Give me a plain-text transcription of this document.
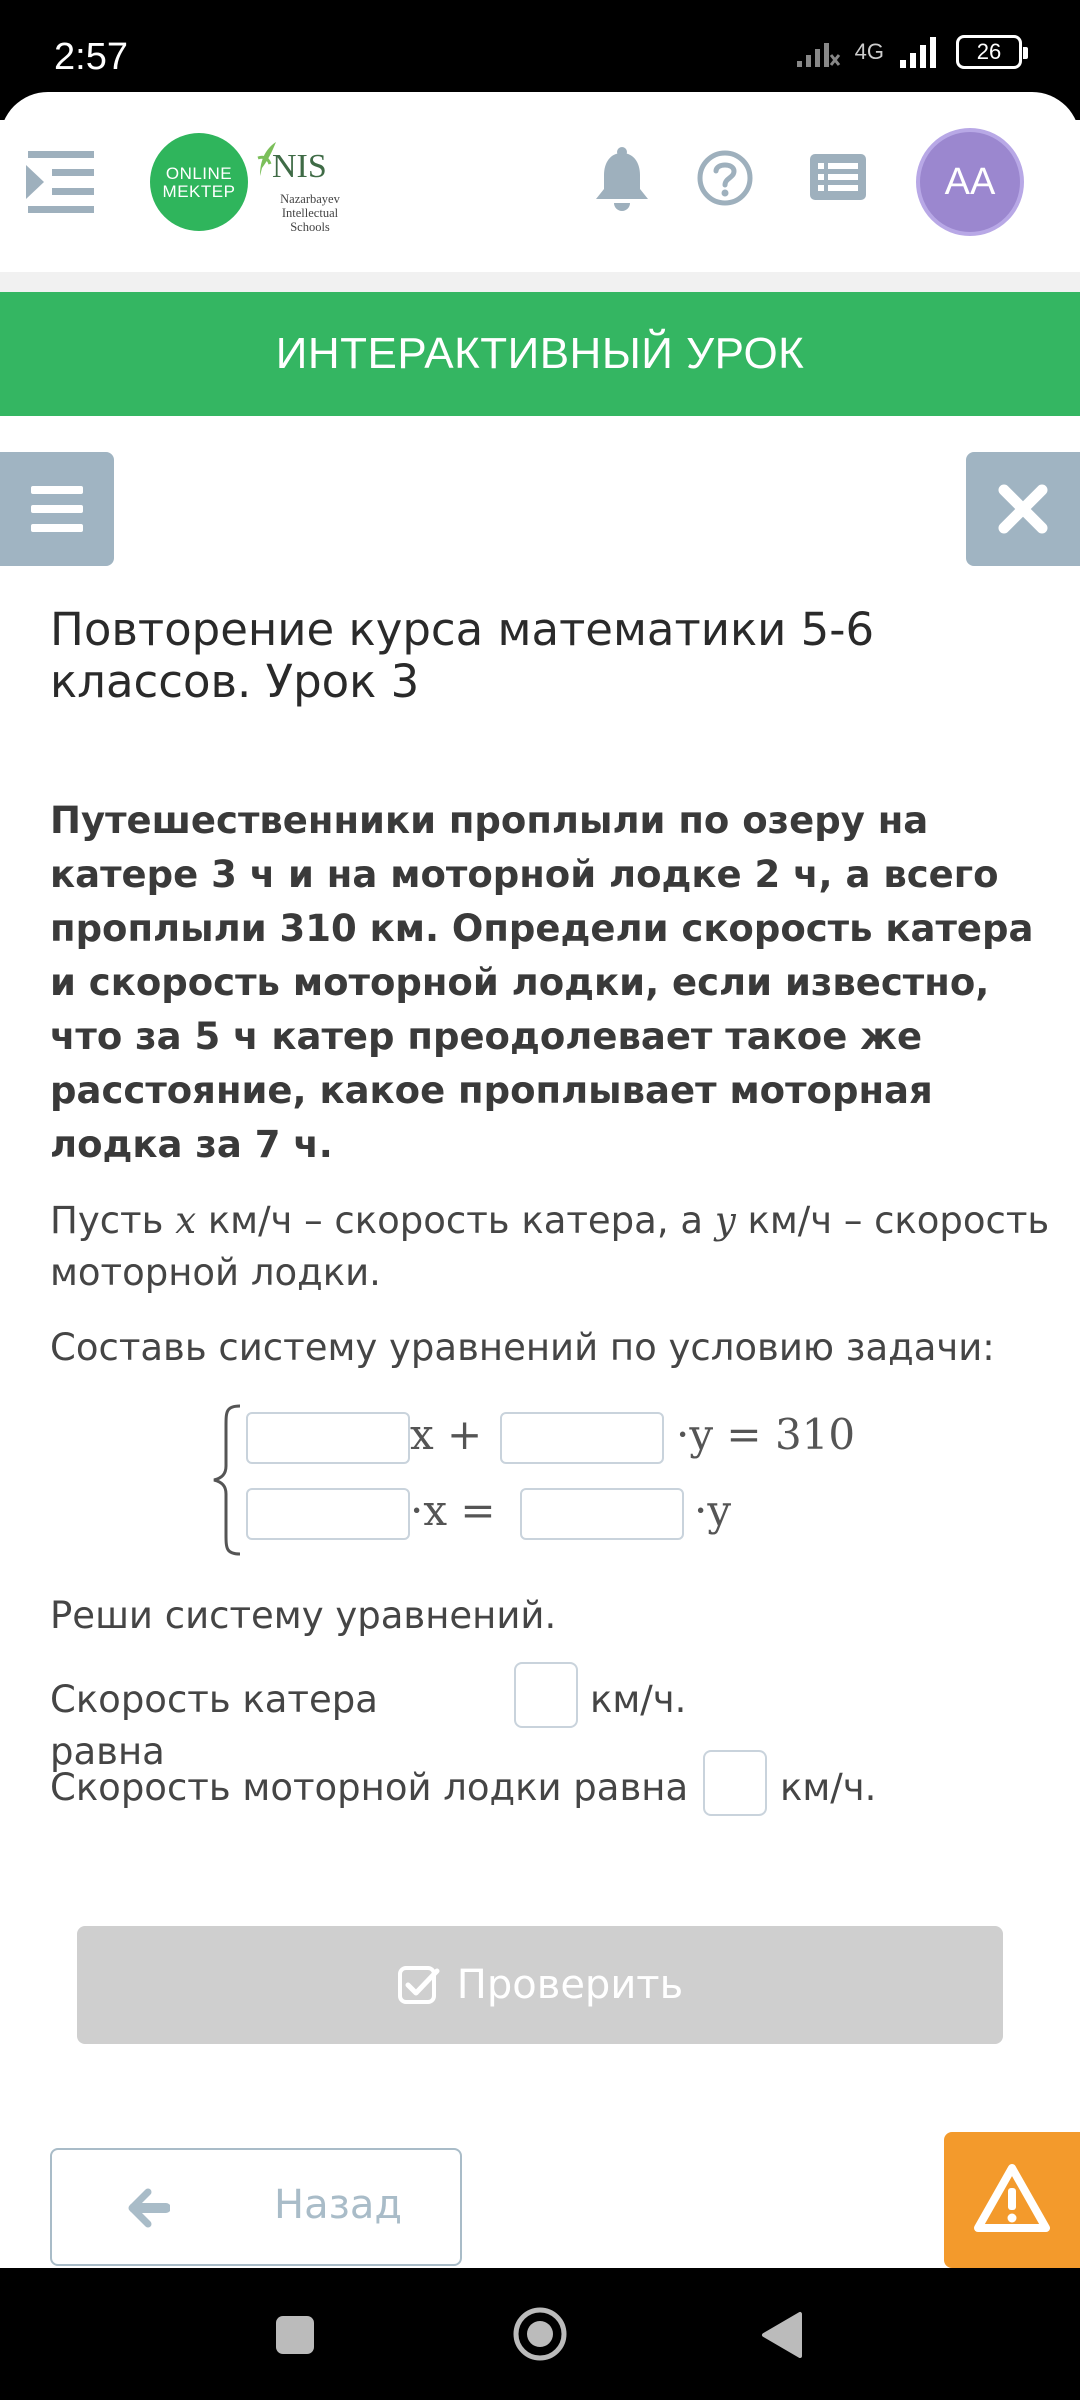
2:57	4G	26
ONLINE
MEKTEP
NIS
Nazarbayev Intellectual Schools
AA
ИНТЕРАКТИВНЫЙ УРОК
Повторение курса математики 5-6 классов. Урок 3
Путешественники проплыли по озеру на катере 3 ч и на моторной лодке 2 ч, а всего проплыли 310 км. Определи скорость катера и скорость моторной лодки, если известно, что за 5 ч катер преодолевает такое же расстояние, какое проплывает моторная лодка за 7 ч.
Пусть x км/ч – скорость катера, а y км/ч – скорость моторной лодки.
Составь систему уравнений по условию задачи:
x +	·y = 310
·x =	·y
Реши систему уравнений.
Скорость катера равна
км/ч.
Скорость моторной лодки равна км/ч.
Проверить
Назад
